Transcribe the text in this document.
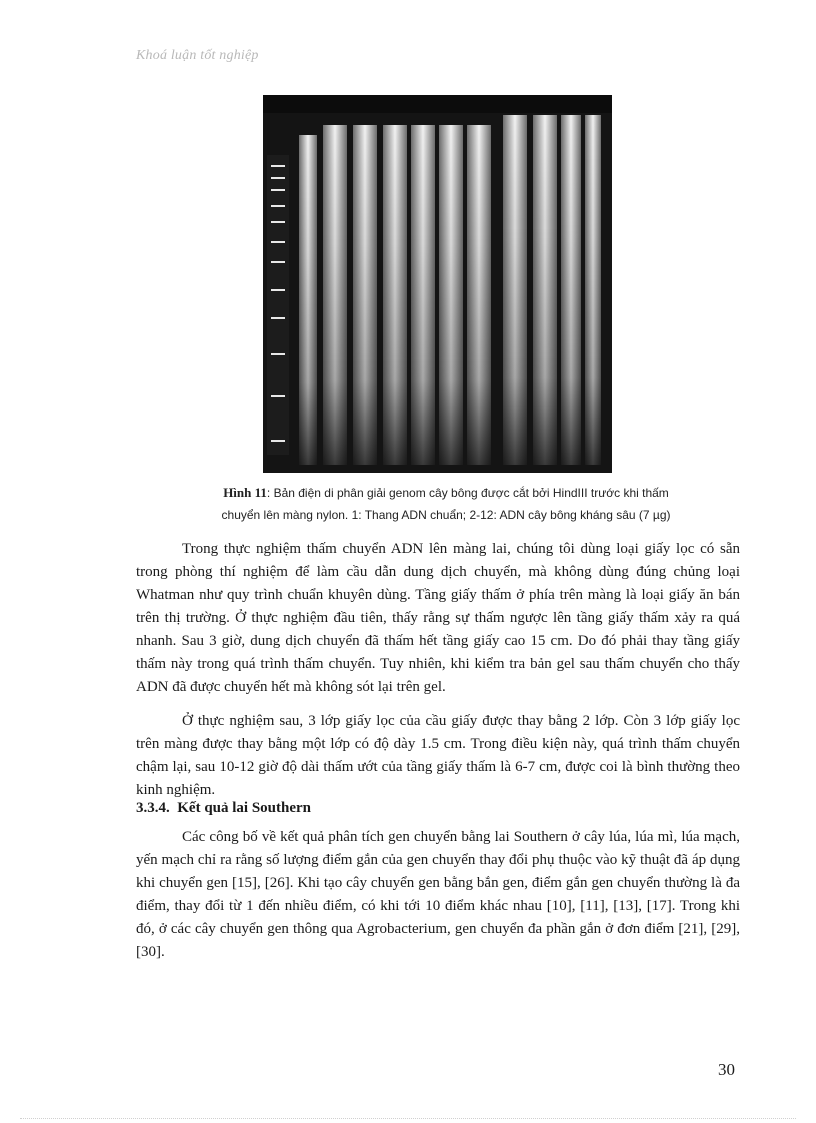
Khoá luận tốt nghiệp
Hình 11: Bản điện di phân giải genom cây bông được cắt bởi HindIII trước khi thấm
chuyển lên màng nylon. 1: Thang ADN chuẩn; 2-12: ADN cây bông kháng sâu (7 µg)

Trong thực nghiệm thấm chuyển ADN lên màng lai, chúng tôi dùng loại giấy lọc có sẵn trong phòng thí nghiệm để làm cầu dẫn dung dịch chuyển, mà không dùng đúng chủng loại Whatman như quy trình chuẩn khuyên dùng. Tầng giấy thấm ở phía trên màng là loại giấy ăn bán trên thị trường. Ở thực nghiệm đầu tiên, thấy rằng sự thấm ngược lên tầng giấy thấm xảy ra quá nhanh. Sau 3 giờ, dung dịch chuyển đã thấm hết tầng giấy cao 15 cm. Do đó phải thay tầng giấy thấm này trong quá trình thấm chuyển. Tuy nhiên, khi kiểm tra bản gel sau thấm chuyển cho thấy ADN đã được chuyển hết mà không sót lại trên gel.

Ở thực nghiệm sau, 3 lớp giấy lọc của cầu giấy được thay bằng 2 lớp. Còn 3 lớp giấy lọc trên màng được thay bằng một lớp có độ dày 1.5 cm. Trong điều kiện này, quá trình thấm chuyển chậm lại, sau 10-12 giờ độ dài thấm ướt của tầng giấy thấm là 6-7 cm, được coi là bình thường theo kinh nghiệm.

3.3.4. Kết quả lai Southern

Các công bố về kết quả phân tích gen chuyển bằng lai Southern ở cây lúa, lúa mì, lúa mạch, yến mạch chỉ ra rằng số lượng điểm gắn của gen chuyển thay đổi phụ thuộc vào kỹ thuật đã áp dụng khi chuyển gen [15], [26]. Khi tạo cây chuyển gen bằng bắn gen, điểm gắn gen chuyển thường là đa điểm, thay đổi từ 1 đến nhiều điểm, có khi tới 10 điểm khác nhau [10], [11], [13], [17]. Trong khi đó, ở các cây chuyển gen thông qua Agrobacterium, gen chuyển đa phần gắn ở đơn điểm [21], [29], [30].

30
